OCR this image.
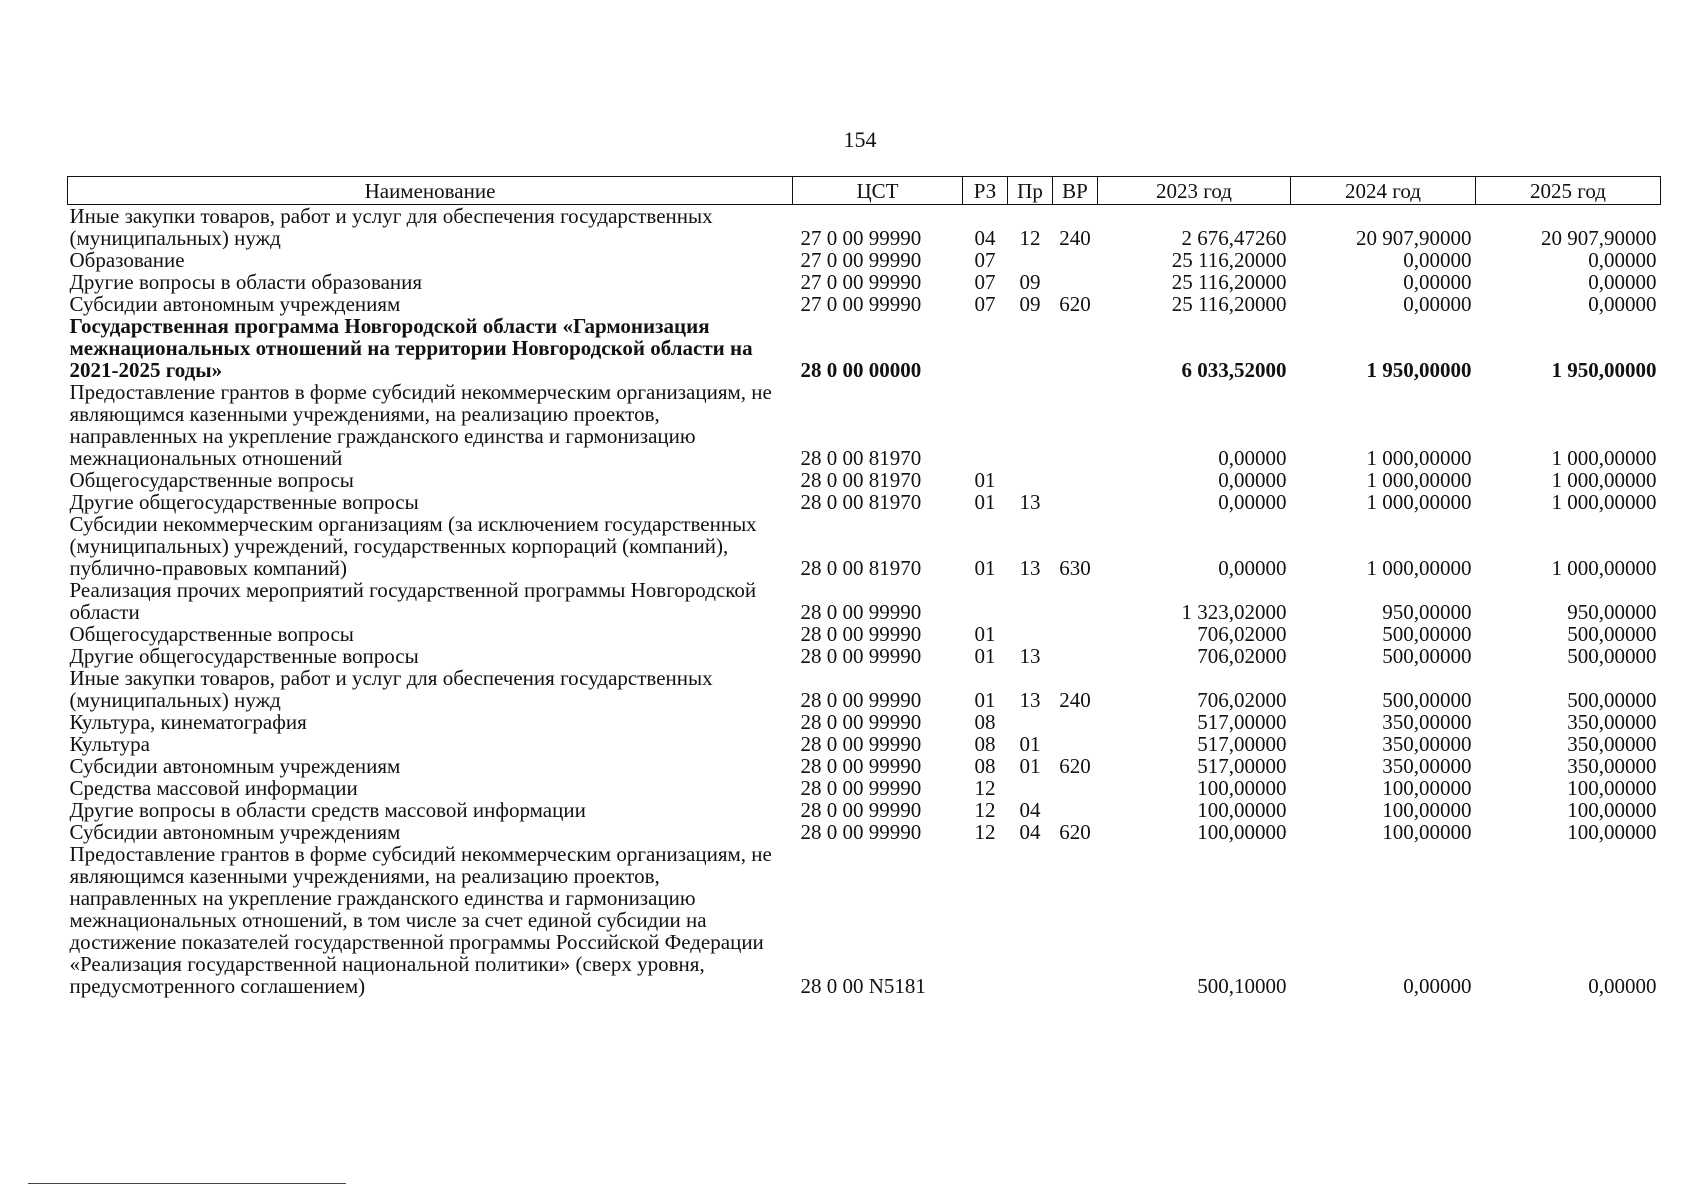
154
Наименование	ЦСТ	РЗ	Пр	ВР	2023 год	2024 год	2025 год
Иные закупки товаров, работ и услуг для обеспечения государственных (муниципальных) нужд	27 0 00 99990	04	12	240	2 676,47260	20 907,90000	20 907,90000
Образование	27 0 00 99990	07			25 116,20000	0,00000	0,00000
Другие вопросы в области образования	27 0 00 99990	07	09		25 116,20000	0,00000	0,00000
Субсидии автономным учреждениям	27 0 00 99990	07	09	620	25 116,20000	0,00000	0,00000
Государственная программа Новгородской области «Гармонизация межнациональных отношений на территории Новгородской области на 2021-2025 годы»	28 0 00 00000				6 033,52000	1 950,00000	1 950,00000
Предоставление грантов в форме субсидий некоммерческим организациям, не являющимся казенными учреждениями, на реализацию проектов, направленных на укрепление гражданского единства и гармонизацию межнациональных отношений	28 0 00 81970				0,00000	1 000,00000	1 000,00000
Общегосударственные вопросы	28 0 00 81970	01			0,00000	1 000,00000	1 000,00000
Другие общегосударственные вопросы	28 0 00 81970	01	13		0,00000	1 000,00000	1 000,00000
Субсидии некоммерческим организациям (за исключением государственных (муниципальных) учреждений, государственных корпораций (компаний), публично-правовых компаний)	28 0 00 81970	01	13	630	0,00000	1 000,00000	1 000,00000
Реализация прочих мероприятий государственной программы Новгородской области	28 0 00 99990				1 323,02000	950,00000	950,00000
Общегосударственные вопросы	28 0 00 99990	01			706,02000	500,00000	500,00000
Другие общегосударственные вопросы	28 0 00 99990	01	13		706,02000	500,00000	500,00000
Иные закупки товаров, работ и услуг для обеспечения государственных (муниципальных) нужд	28 0 00 99990	01	13	240	706,02000	500,00000	500,00000
Культура, кинематография	28 0 00 99990	08			517,00000	350,00000	350,00000
Культура	28 0 00 99990	08	01		517,00000	350,00000	350,00000
Субсидии автономным учреждениям	28 0 00 99990	08	01	620	517,00000	350,00000	350,00000
Средства массовой информации	28 0 00 99990	12			100,00000	100,00000	100,00000
Другие вопросы в области средств массовой информации	28 0 00 99990	12	04		100,00000	100,00000	100,00000
Субсидии автономным учреждениям	28 0 00 99990	12	04	620	100,00000	100,00000	100,00000
Предоставление грантов в форме субсидий некоммерческим организациям, не являющимся казенными учреждениями, на реализацию проектов, направленных на укрепление гражданского единства и гармонизацию межнациональных отношений, в том числе за счет единой субсидии на достижение показателей государственной программы Российской Федерации «Реализация государственной национальной политики» (сверх уровня, предусмотренного соглашением)	28 0 00 N5181				500,10000	0,00000	0,00000
